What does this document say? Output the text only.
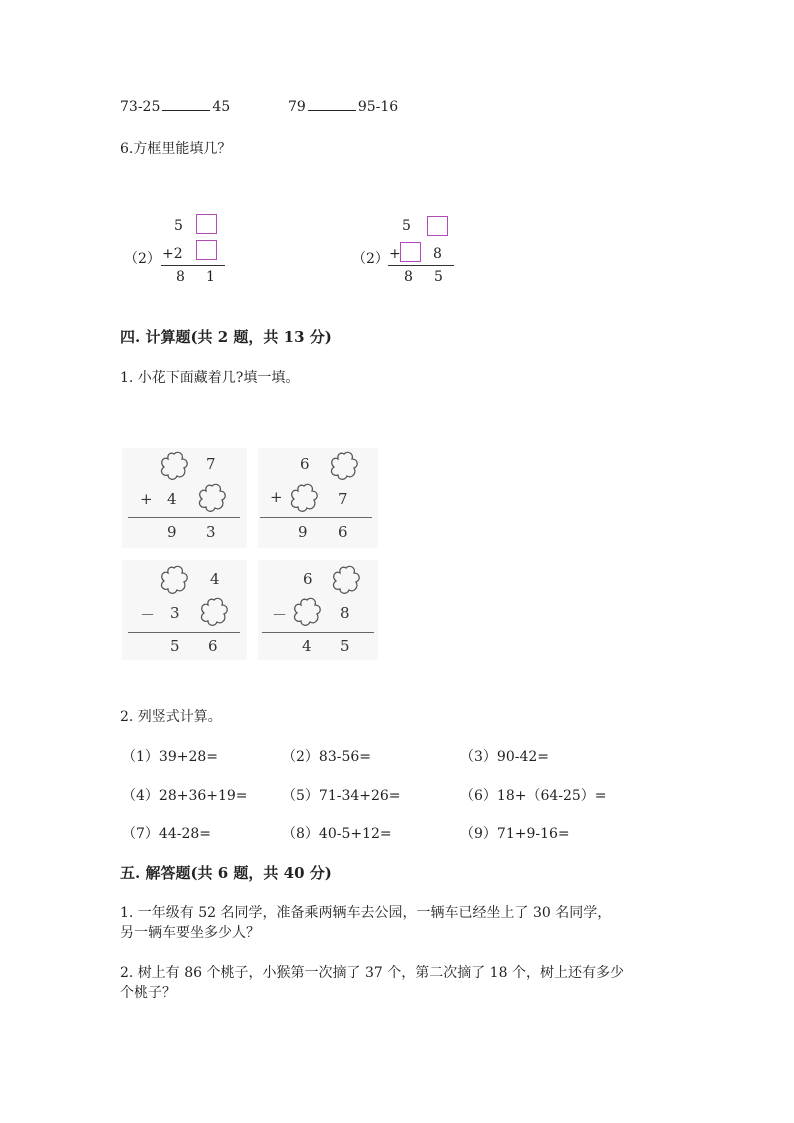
73-25	45	79	95-16
6.方框里能填几？
5
（2） +2
8 1
5
（2） + 8
8 5
四. 计算题(共 2 题，共 13 分)
1. 小花下面藏着几?填一填。
7
+ 4
9 3
6
+	7
9 6
4
－ 3
5 6
6
－	8
4 5
2. 列竖式计算。
（1）39+28=	（2）83-56=	（3）90-42=
（4）28+36+19= （5）71-34+26=	（6）18+（64-25）=
（7）44-28=	（8）40-5+12=	（9）71+9-16=
五. 解答题(共 6 题，共 40 分)
1. 一年级有 52 名同学，准备乘两辆车去公园，一辆车已经坐上了 30 名同学，
另一辆车要坐多少人？
2. 树上有 86 个桃子，小猴第一次摘了 37 个，第二次摘了 18 个，树上还有多少
个桃子？
